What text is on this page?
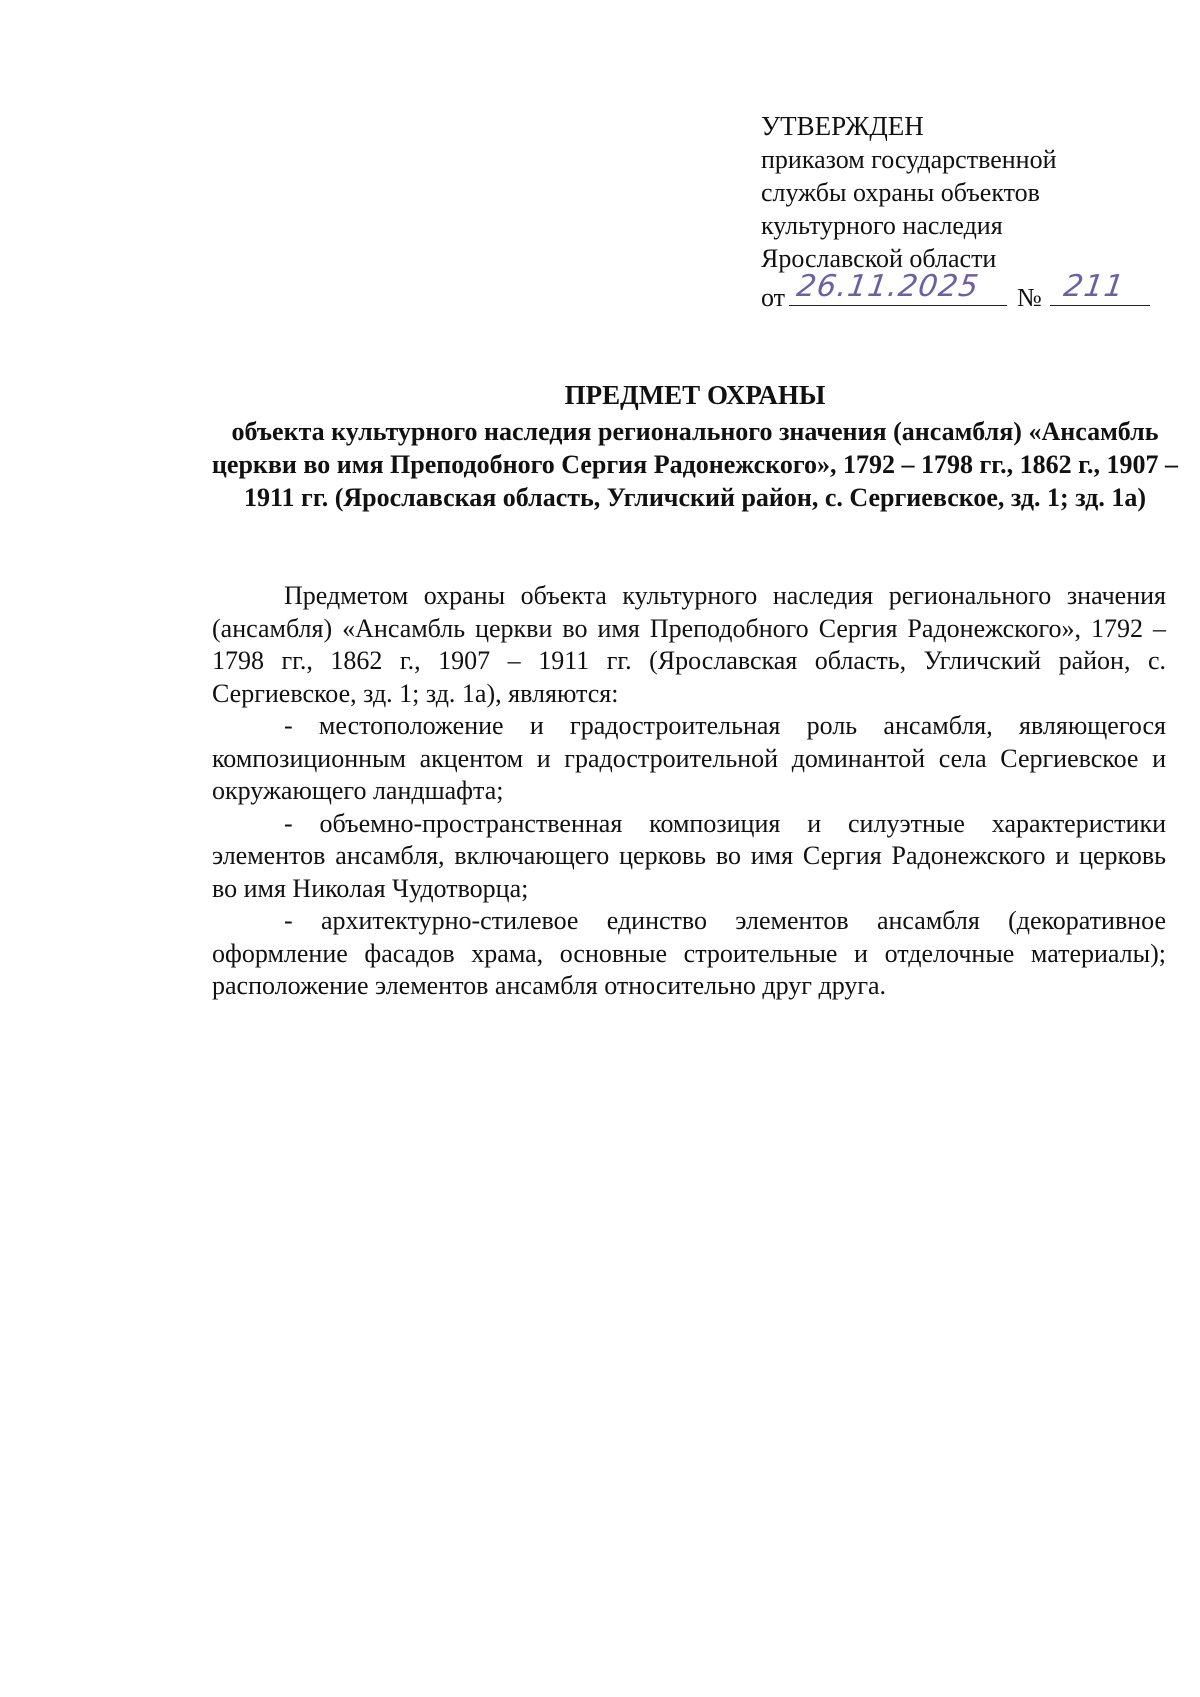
УТВЕРЖДЕН
приказом государственной
службы охраны объектов
культурного наследия
Ярославской области
от 26.11.2025 № 211
ПРЕДМЕТ ОХРАНЫ
объекта культурного наследия регионального значения (ансамбля) «Ансамбль церкви во имя Преподобного Сергия Радонежского», 1792 – 1798 гг., 1862 г., 1907 – 1911 гг. (Ярославская область, Угличский район, с. Сергиевское, зд. 1; зд. 1а)

Предметом охраны объекта культурного наследия регионального значения (ансамбля) «Ансамбль церкви во имя Преподобного Сергия Радонежского», 1792 – 1798 гг., 1862 г., 1907 – 1911 гг. (Ярославская область, Угличский район, с. Сергиевское, зд. 1; зд. 1а), являются:

- местоположение и градостроительная роль ансамбля, являющегося композиционным акцентом и градостроительной доминантой села Сергиевское и окружающего ландшафта;

- объемно-пространственная композиция и силуэтные характеристики элементов ансамбля, включающего церковь во имя Сергия Радонежского и церковь во имя Николая Чудотворца;

- архитектурно-стилевое единство элементов ансамбля (декоративное оформление фасадов храма, основные строительные и отделочные материалы); расположение элементов ансамбля относительно друг друга.
